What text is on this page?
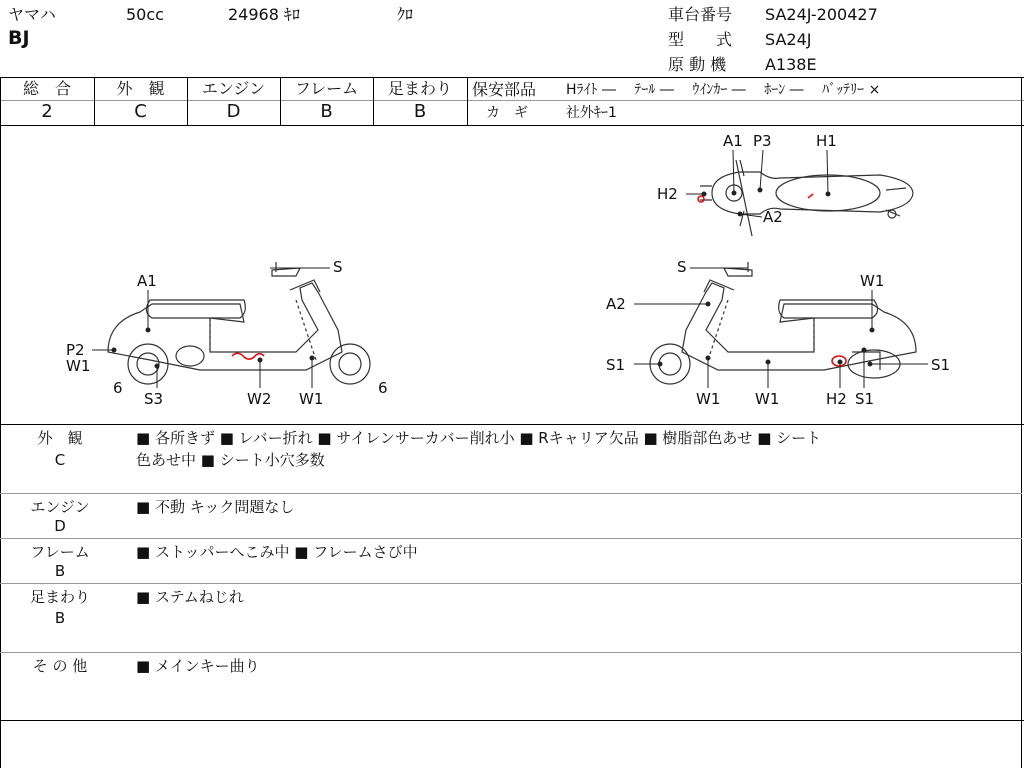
ヤマハ	50cc	24968 ｷﾛ	ｸﾛ
BJ
車台番号 SA24J-200427
型　　式 SA24J
原 動 機 A138E
総　合	外　観	エンジン	フレーム	足まわり
2	C	D	B	B
保安部品 Hﾗｲﾄ ―　 ﾃｰﾙ ―　 ｳｲﾝｶｰ ―　 ﾎｰﾝ ―　 ﾊﾞｯﾃﾘｰ ×
カ　ギ	社外ｷｰ1
A1 P3	H1
H2
A2
S
A1
P2
W1
6
S3	W2 W1
6
S
W1
A2
S1	S1
W1 W1	H2 S1
外　観
C
■ 各所きず ■ レバー折れ ■ サイレンサーカバー削れ小 ■ Rキャリア欠品 ■ 樹脂部色あせ ■ シート
色あせ中 ■ シート小穴多数
エンジン
D
■ 不動 キック問題なし
フレーム
B
■ ストッパーへこみ中 ■ フレームさび中
足まわり
B
■ ステムねじれ
そ の 他	■ メインキー曲り
